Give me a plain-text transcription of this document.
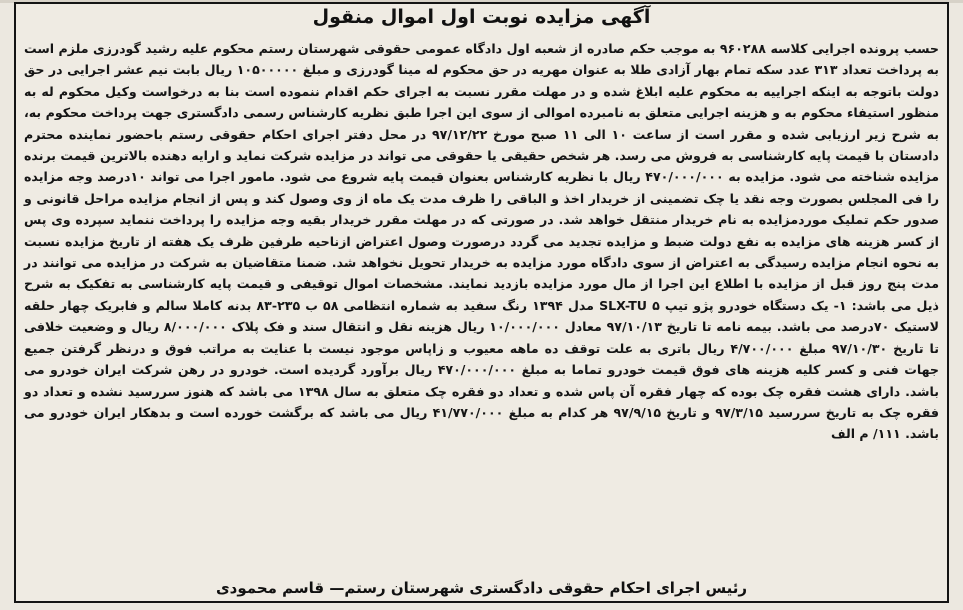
آگهی مزایده نوبت اول اموال منقول
حسب پرونده اجرایی کلاسه ۹۶۰۲۸۸ به موجب حکم صادره از شعبه اول دادگاه عمومی حقوقی شهرستان رستم محکوم علیه رشید گودرزی ملزم است به پرداخت تعداد ۳۱۳ عدد سکه تمام بهار آزادی طلا به عنوان مهریه در حق محکوم له مینا گودرزی و مبلغ ۱۰۵۰۰۰۰۰ ریال بابت نیم عشر اجرایی در حق دولت باتوجه به اینکه اجراییه به محکوم علیه ابلاغ شده و در مهلت مقرر نسبت به اجرای حکم اقدام ننموده است بنا به درخواست وکیل محکوم له به منظور استیفاء محکوم به و هزینه اجرایی متعلق به نامبرده اموالی از سوی این اجرا طبق نظریه کارشناس رسمی دادگستری جهت پرداخت محکوم به، به شرح زیر ارزیابی شده و مقرر است از ساعت ۱۰ الی ۱۱ صبح مورخ ۹۷/۱۲/۲۲ در محل دفتر اجرای احکام حقوقی رستم باحضور نماینده محترم دادستان با قیمت پایه کارشناسی به فروش می رسد. هر شخص حقیقی یا حقوقی می تواند در مزایده شرکت نماید و ارایه دهنده بالاترین قیمت برنده مزایده شناخته می شود. مزایده به ۴۷۰/۰۰۰/۰۰۰ ریال با نظریه کارشناس بعنوان قیمت پایه شروع می شود. مامور اجرا می تواند ۱۰درصد وجه مزایده را فی المجلس بصورت وجه نقد یا چک تضمینی از خریدار اخذ و الباقی را ظرف مدت یک ماه از وی وصول کند و پس از انجام مزایده مراحل قانونی و صدور حکم تملیک موردمزایده به نام خریدار منتقل خواهد شد. در صورتی که در مهلت مقرر خریدار بقیه وجه مزایده را پرداخت ننماید سپرده وی پس از کسر هزینه های مزایده به نفع دولت ضبط و مزایده تجدید می گردد درصورت وصول اعتراض ازناحیه طرفین ظرف یک هفته از تاریخ مزایده نسبت به نحوه انجام مزایده رسیدگی به اعتراض از سوی دادگاه مورد مزایده به خریدار تحویل نخواهد شد. ضمنا متقاضیان به شرکت در مزایده می توانند در مدت پنج روز قبل از مزایده با اطلاع این اجرا از مال مورد مزایده بازدید نمایند. مشخصات اموال توقیفی و قیمت پایه کارشناسی به تفکیک به شرح ذیل می باشد: ۱- یک دستگاه خودرو پژو تیپ SLX-TU ۵ مدل ۱۳۹۴ رنگ سفید به شماره انتظامی ۵۸ ب ۲۳۵-۸۳ بدنه کاملا سالم و فابریک چهار حلقه لاستیک ۷۰درصد می باشد. بیمه نامه تا تاریخ ۹۷/۱۰/۱۳ معادل ۱۰/۰۰۰/۰۰۰ ریال هزینه نقل و انتقال سند و فک پلاک ۸/۰۰۰/۰۰۰ ریال و وضعیت خلافی تا تاریخ ۹۷/۱۰/۳۰ مبلغ ۴/۷۰۰/۰۰۰ ریال باتری به علت توقف ده ماهه معیوب و زاپاس موجود نیست با عنایت به مراتب فوق و درنظر گرفتن جمیع جهات فنی و کسر کلیه هزینه های فوق قیمت خودرو تماما به مبلغ ۴۷۰/۰۰۰/۰۰۰ ریال برآورد گردیده است. خودرو در رهن شرکت ایران خودرو می باشد. دارای هشت فقره چک بوده که چهار فقره آن پاس شده و تعداد دو فقره چک متعلق به سال ۱۳۹۸ می باشد که هنوز سررسید نشده و تعداد دو فقره چک به تاریخ سررسید ۹۷/۳/۱۵ و تاریخ ۹۷/۹/۱۵ هر کدام به مبلغ ۴۱/۷۷۰/۰۰۰ ریال می باشد که برگشت خورده است و بدهکار ایران خودرو می باشد. ۱۱۱/ م الف
رئیس اجرای احکام حقوقی دادگستری شهرستان رستم— قاسم محمودی
